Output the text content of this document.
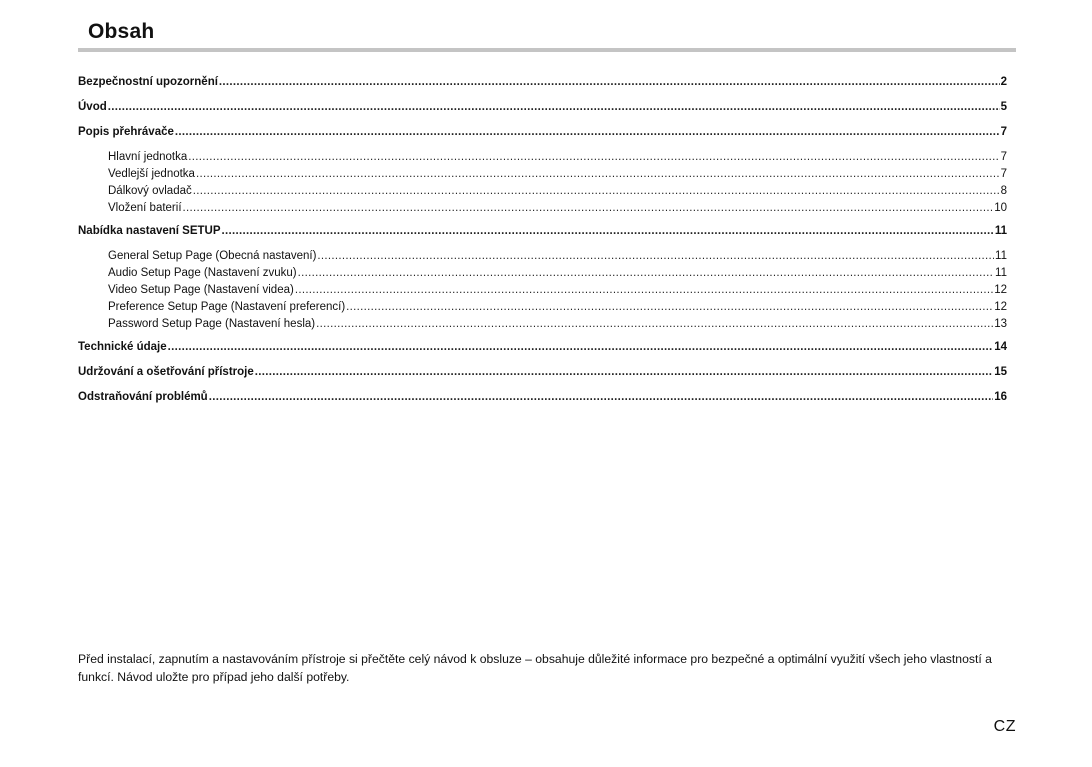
Obsah
Bezpečnostní upozornění .....	2
Úvod .....	5
Popis přehrávače .....	7
Hlavní jednotka .....	7
Vedlejší jednotka .....	7
Dálkový ovladač .....	8
Vložení baterií .....	10
Nabídka nastavení SETUP .....	11
General Setup Page (Obecná nastavení) .....	11
Audio Setup Page (Nastavení zvuku) .....	11
Video Setup Page (Nastavení videa) .....	12
Preference Setup Page (Nastavení preferencí) .....	12
Password Setup Page (Nastavení hesla) .....	13
Technické údaje .....	14
Udržování a ošetřování přístroje .....	15
Odstraňování problémů .....	16

Před instalací, zapnutím a nastavováním přístroje si přečtěte celý návod k obsluze – obsahuje důležité informace pro bezpečné a optimální využití všech jeho vlastností a funkcí. Návod uložte pro případ jeho další potřeby.

CZ
